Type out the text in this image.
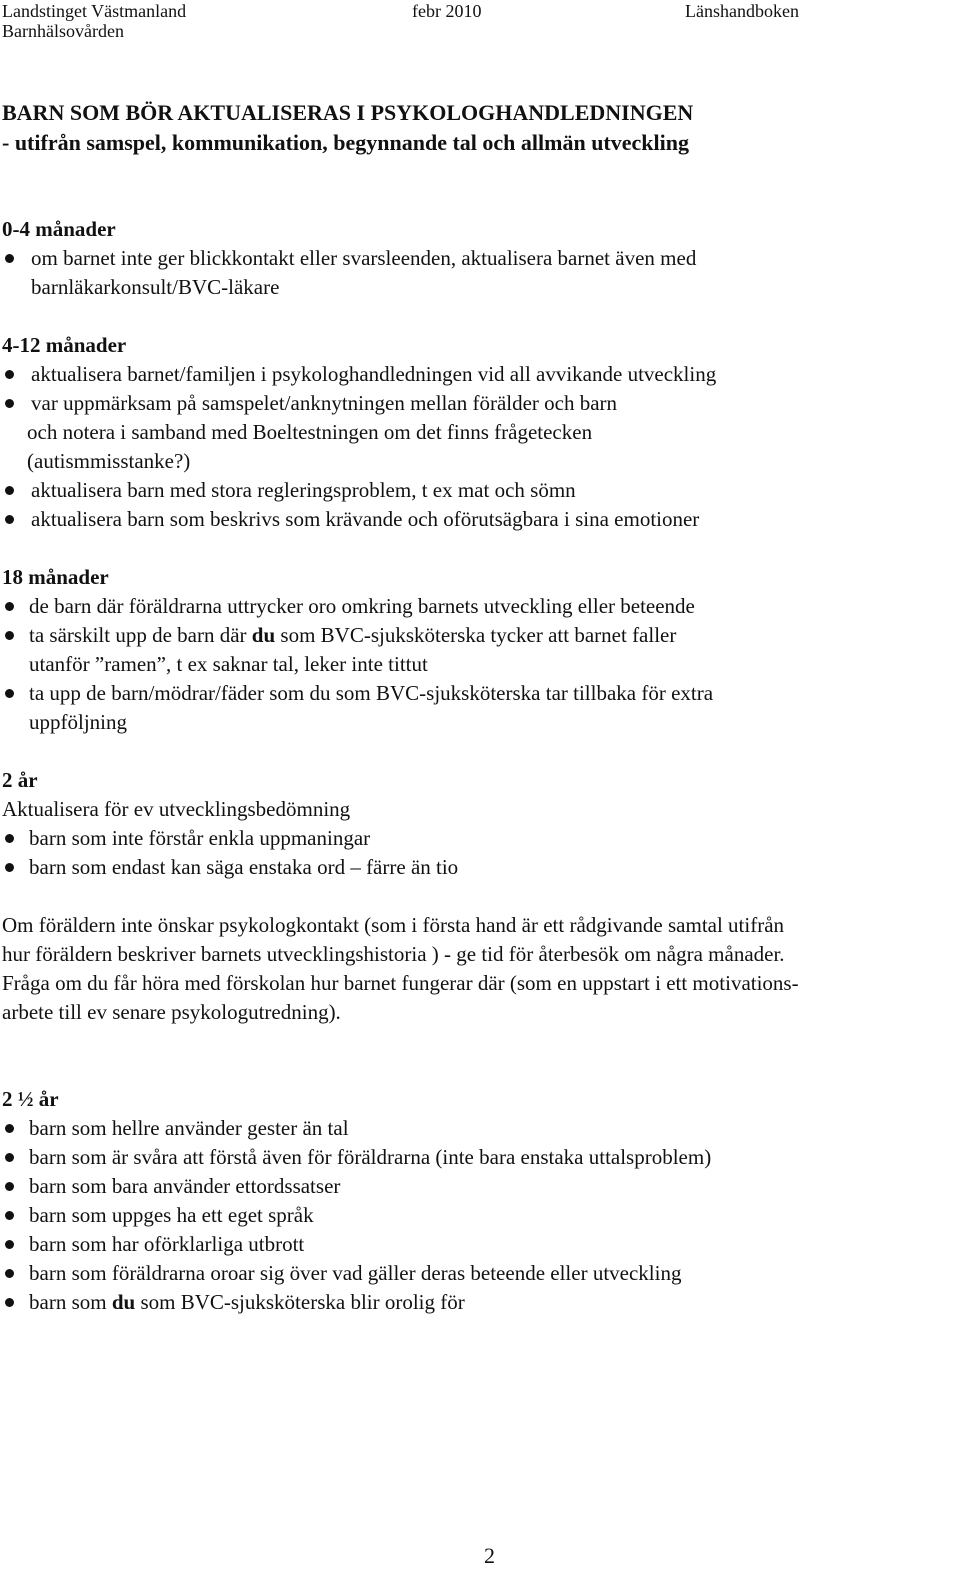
Landstinget Västmanland	febr 2010	Länshandboken
Barnhälsovården
BARN SOM BÖR AKTUALISERAS I PSYKOLOGHANDLEDNINGEN
- utifrån samspel, kommunikation, begynnande tal och allmän utveckling
0-4 månader
om barnet inte ger blickkontakt eller svarsleenden, aktualisera barnet även med
barnläkarkonsult/BVC-läkare
4-12 månader
aktualisera barnet/familjen i psykologhandledningen vid all avvikande utveckling
var uppmärksam på samspelet/anknytningen mellan förälder och barn
och notera i samband med Boeltestningen om det finns frågetecken
(autismmisstanke?)
aktualisera barn med stora regleringsproblem, t ex mat och sömn
aktualisera barn som beskrivs som krävande och oförutsägbara i sina emotioner
18 månader
de barn där föräldrarna uttrycker oro omkring barnets utveckling eller beteende
ta särskilt upp de barn där du som BVC-sjuksköterska tycker att barnet faller
utanför ”ramen”, t ex saknar tal, leker inte tittut
ta upp de barn/mödrar/fäder som du som BVC-sjuksköterska tar tillbaka för extra
uppföljning
2 år
Aktualisera för ev utvecklingsbedömning
barn som inte förstår enkla uppmaningar
barn som endast kan säga enstaka ord – färre än tio
Om föräldern inte önskar psykologkontakt (som i första hand är ett rådgivande samtal utifrån
hur föräldern beskriver barnets utvecklingshistoria ) - ge tid för återbesök om några månader.
Fråga om du får höra med förskolan hur barnet fungerar där (som en uppstart i ett motivations-
arbete till ev senare psykologutredning).
2 ½ år
barn som hellre använder gester än tal
barn som är svåra att förstå även för föräldrarna (inte bara enstaka uttalsproblem)
barn som bara använder ettordssatser
barn som uppges ha ett eget språk
barn som har oförklarliga utbrott
barn som föräldrarna oroar sig över vad gäller deras beteende eller utveckling
barn som du som BVC-sjuksköterska blir orolig för
2
